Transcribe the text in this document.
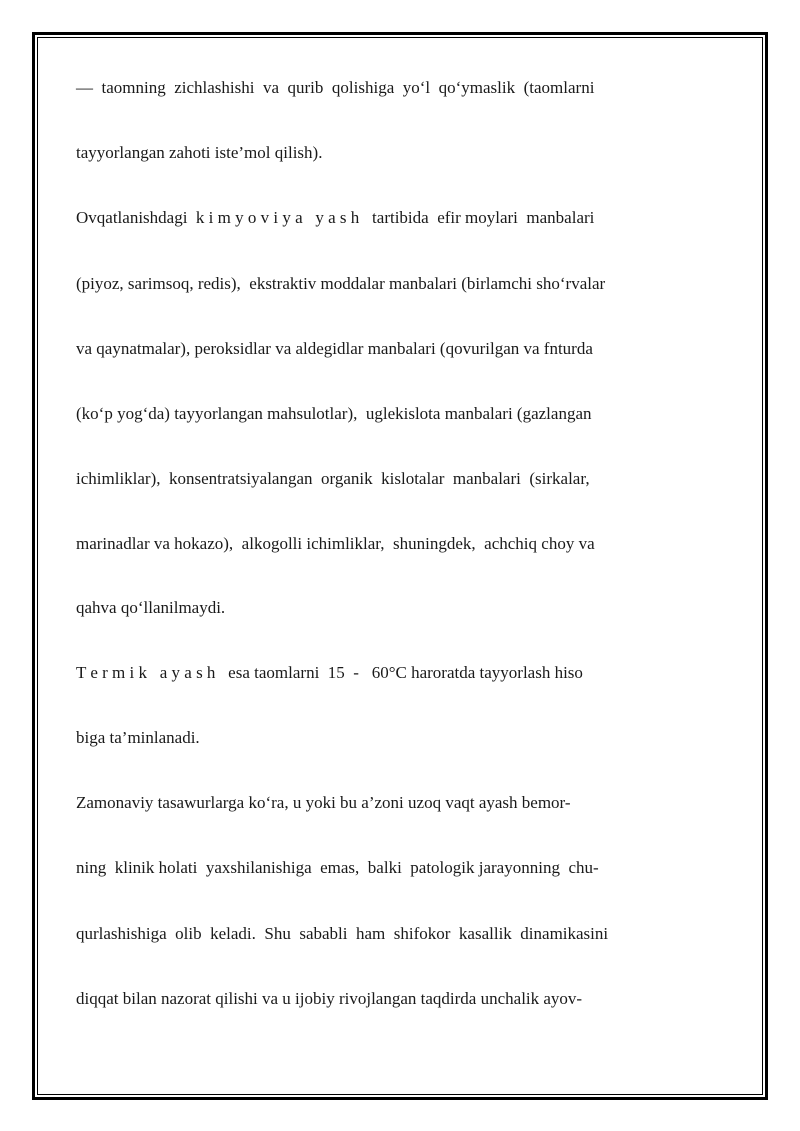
—  taomning  zichlashishi  va  qurib  qolishiga  yo‘l  qo‘ymaslik  (taomlarni
tayyorlangan zahoti iste’mol qilish).
Ovqatlanishdagi  k i m y o v i y a   y a s h   tartibida  efir moylari  manbalari
(piyoz, sarimsoq, redis),  ekstraktiv moddalar manbalari (birlamchi sho‘rvalar
va qaynatmalar), peroksidlar va aldegidlar manbalari (qovurilgan va fnturda
(ko‘p yog‘da) tayyorlangan mahsulotlar),  uglekislota manbalari (gazlangan
ichimliklar),  konsentratsiyalangan  organik  kislotalar  manbalari  (sirkalar,
marinadlar va hokazo),  alkogolli ichimliklar,  shuningdek,  achchiq choy va
qahva qo‘llanilmaydi.
T e r m i k   a y a s h   esa taomlarni  15  -   60°C haroratda tayyorlash hiso
biga ta’minlanadi.
Zamonaviy tasawurlarga ko‘ra, u yoki bu a’zoni uzoq vaqt ayash bemor-
ning  klinik holati  yaxshilanishiga  emas,  balki  patologik jarayonning  chu-
qurlashishiga  olib  keladi.  Shu  sababli  ham  shifokor  kasallik  dinamikasini
diqqat bilan nazorat qilishi va u ijobiy rivojlangan taqdirda unchalik ayov-
